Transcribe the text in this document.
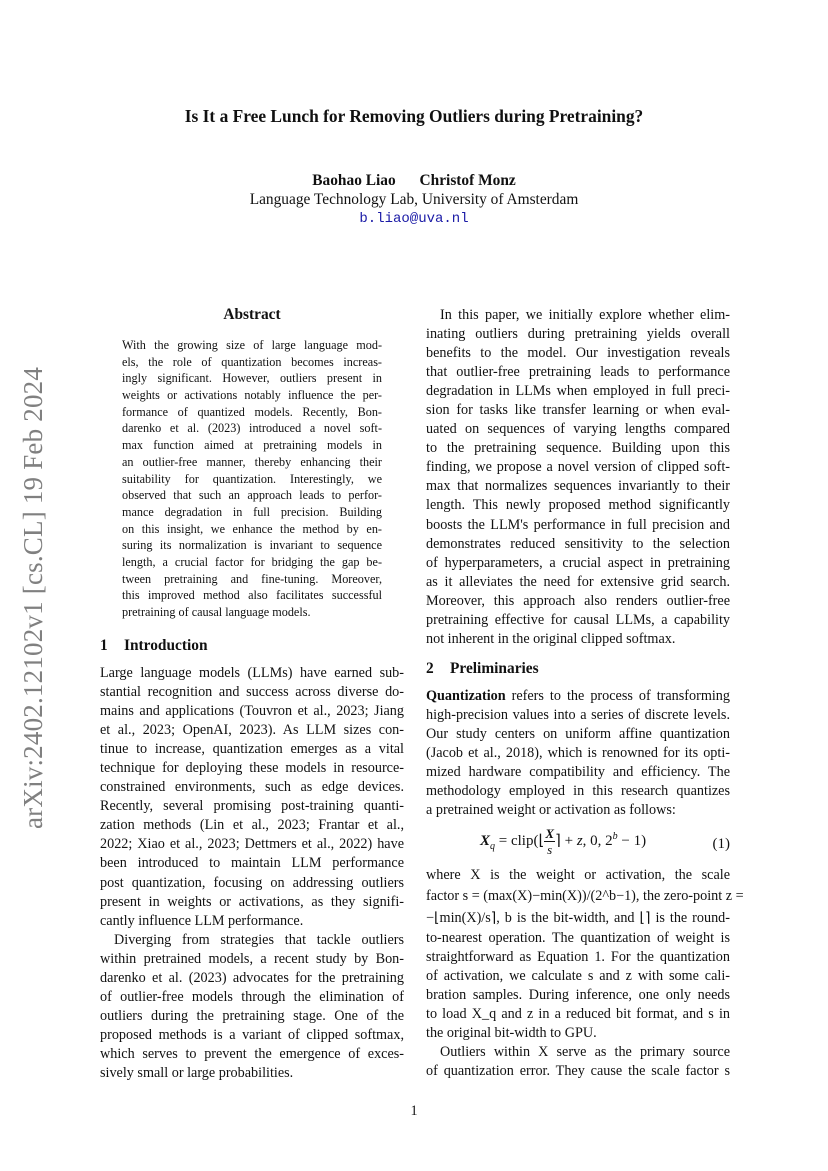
Is It a Free Lunch for Removing Outliers during Pretraining?
Baohao Liao Christof Monz
Language Technology Lab, University of Amsterdam
b.liao@uva.nl
arXiv:2402.12102v1 [cs.CL] 19 Feb 2024
Abstract
With the growing size of large language mod-
els, the role of quantization becomes increas-
ingly significant. However, outliers present in
weights or activations notably influence the per-
formance of quantized models. Recently, Bon-
darenko et al. (2023) introduced a novel soft-
max function aimed at pretraining models in
an outlier-free manner, thereby enhancing their
suitability for quantization. Interestingly, we
observed that such an approach leads to perfor-
mance degradation in full precision. Building
on this insight, we enhance the method by en-
suring its normalization is invariant to sequence
length, a crucial factor for bridging the gap be-
tween pretraining and fine-tuning. Moreover,
this improved method also facilitates successful
pretraining of causal language models.
1 Introduction
Large language models (LLMs) have earned sub-
stantial recognition and success across diverse do-
mains and applications (Touvron et al., 2023; Jiang
et al., 2023; OpenAI, 2023). As LLM sizes con-
tinue to increase, quantization emerges as a vital
technique for deploying these models in resource-
constrained environments, such as edge devices.
Recently, several promising post-training quanti-
zation methods (Lin et al., 2023; Frantar et al.,
2022; Xiao et al., 2023; Dettmers et al., 2022) have
been introduced to maintain LLM performance
post quantization, focusing on addressing outliers
present in weights or activations, as they signifi-
cantly influence LLM performance.
Diverging from strategies that tackle outliers
within pretrained models, a recent study by Bon-
darenko et al. (2023) advocates for the pretraining
of outlier-free models through the elimination of
outliers during the pretraining stage. One of the
proposed methods is a variant of clipped softmax,
which serves to prevent the emergence of exces-
sively small or large probabilities.
In this paper, we initially explore whether elim-
inating outliers during pretraining yields overall
benefits to the model. Our investigation reveals
that outlier-free pretraining leads to performance
degradation in LLMs when employed in full preci-
sion for tasks like transfer learning or when eval-
uated on sequences of varying lengths compared
to the pretraining sequence. Building upon this
finding, we propose a novel version of clipped soft-
max that normalizes sequences invariantly to their
length. This newly proposed method significantly
boosts the LLM's performance in full precision and
demonstrates reduced sensitivity to the selection
of hyperparameters, a crucial aspect in pretraining
as it alleviates the need for extensive grid search.
Moreover, this approach also renders outlier-free
pretraining effective for causal LLMs, a capability
not inherent in the original clipped softmax.
2 Preliminaries
Quantization refers to the process of transforming
high-precision values into a series of discrete levels.
Our study centers on uniform affine quantization
(Jacob et al., 2018), which is renowned for its opti-
mized hardware compatibility and efficiency. The
methodology employed in this research quantizes
a pretrained weight or activation as follows:
$X_q$ = clip(⌊ $\frac{X}{s}$ ⌉ + z, 0, $2^b - 1$)	(1)
where X is the weight or activation, the scale
factor s = (max(X)−min(X))/(2^b−1), the zero-point z =
−⌊min(X)/s⌉, b is the bit-width, and ⌊⌉ is the round-
to-nearest operation. The quantization of weight is
straightforward as Equation 1. For the quantization
of activation, we calculate s and z with some cali-
bration samples. During inference, one only needs
to load X_q and z in a reduced bit format, and s in
the original bit-width to GPU.
Outliers within X serve as the primary source
of quantization error. They cause the scale factor s
1
